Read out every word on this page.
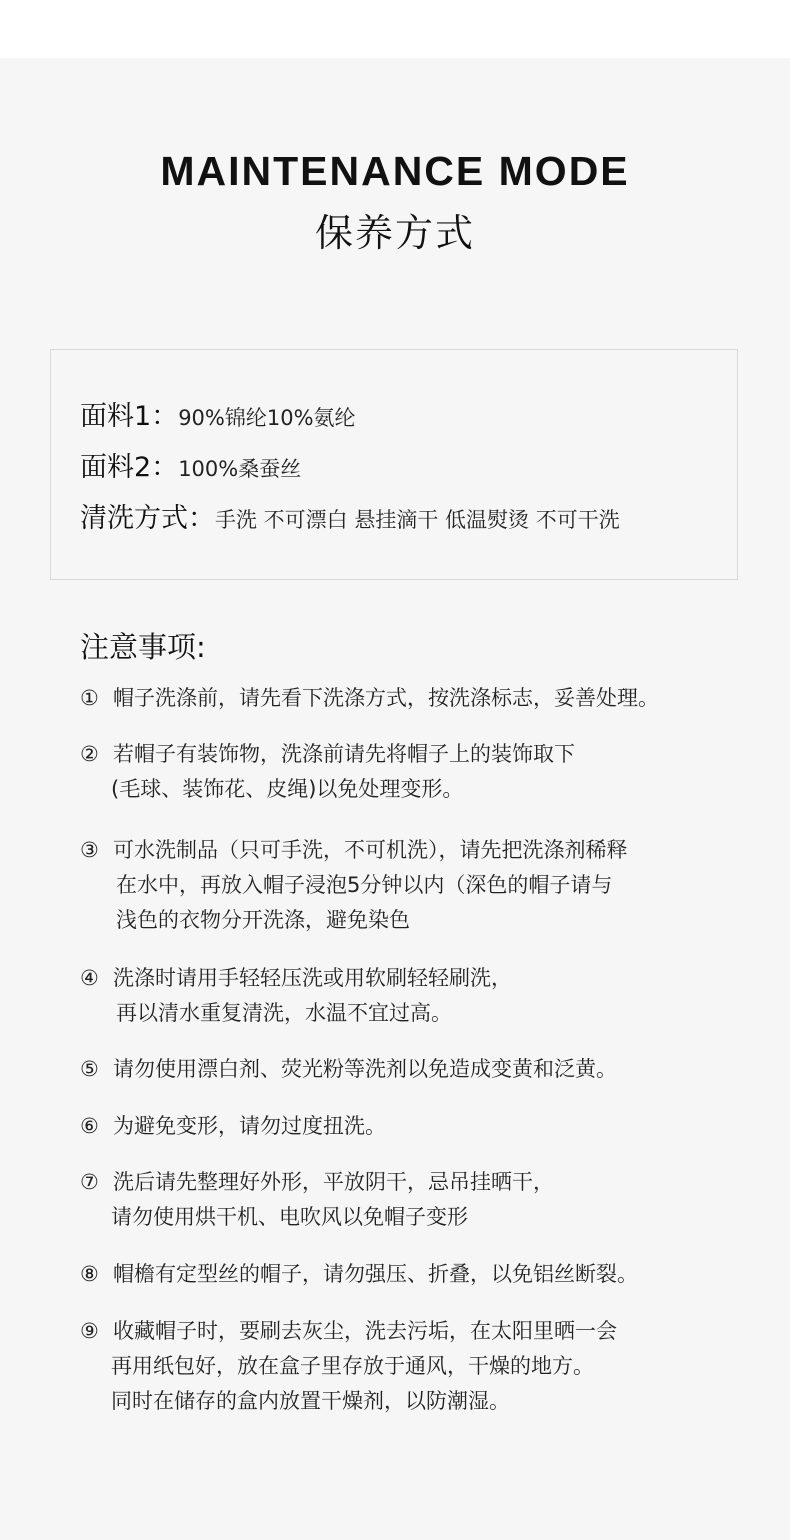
MAINTENANCE MODE
保养方式
面料1：90%锦纶10%氨纶
面料2：100%桑蚕丝
清洗方式：手洗 不可漂白 悬挂滴干 低温熨烫 不可干洗
注意事项:
① 帽子洗涤前，请先看下洗涤方式，按洗涤标志，妥善处理。
② 若帽子有装饰物，洗涤前请先将帽子上的装饰取下
(毛球、装饰花、皮绳)以免处理变形。
③ 可水洗制品（只可手洗，不可机洗），请先把洗涤剂稀释
在水中，再放入帽子浸泡5分钟以内（深色的帽子请与
浅色的衣物分开洗涤，避免染色
④ 洗涤时请用手轻轻压洗或用软刷轻轻刷洗，
再以清水重复清洗，水温不宜过高。
⑤ 请勿使用漂白剂、荧光粉等洗剂以免造成变黄和泛黄。
⑥ 为避免变形，请勿过度扭洗。
⑦ 洗后请先整理好外形，平放阴干，忌吊挂晒干，
请勿使用烘干机、电吹风以免帽子变形
⑧ 帽檐有定型丝的帽子，请勿强压、折叠，以免铝丝断裂。
⑨ 收藏帽子时，要刷去灰尘，洗去污垢，在太阳里晒一会
再用纸包好，放在盒子里存放于通风，干燥的地方。
同时在储存的盒内放置干燥剂，以防潮湿。
